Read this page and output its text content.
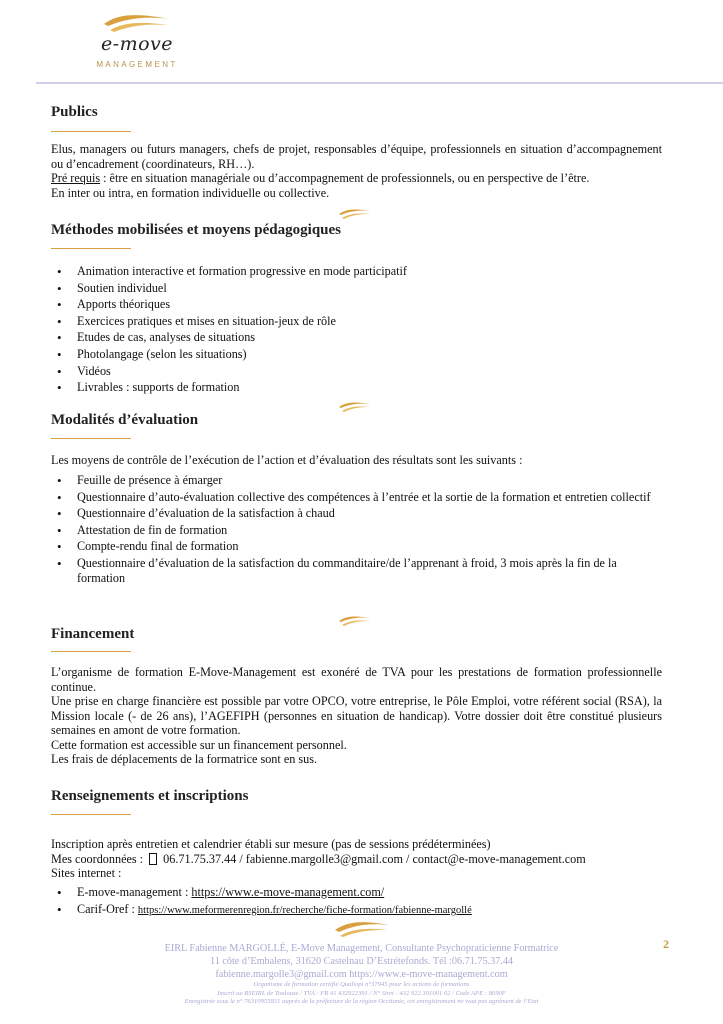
e-move
MANAGEMENT
Publics
Elus, managers ou futurs managers, chefs de projet, responsables d’équipe, professionnels en situation d’accompagnement ou d’encadrement (coordinateurs, RH…).
Pré requis : être en situation managériale ou d’accompagnement de professionnels, ou en perspective de l’être.
En inter ou intra, en formation individuelle ou collective.
Méthodes mobilisées et moyens pédagogiques
• Animation interactive et formation progressive en mode participatif
• Soutien individuel
• Apports théoriques
• Exercices pratiques et mises en situation-jeux de rôle
• Etudes de cas, analyses de situations
• Photolangage (selon les situations)
• Vidéos
• Livrables : supports de formation
Modalités d’évaluation
Les moyens de contrôle de l’exécution de l’action et d’évaluation des résultats sont les suivants :
• Feuille de présence à émarger
• Questionnaire d’auto-évaluation collective des compétences à l’entrée et la sortie de la formation et entretien collectif
• Questionnaire d’évaluation de la satisfaction à chaud
• Attestation de fin de formation
• Compte-rendu final de formation
• Questionnaire d’évaluation de la satisfaction du commanditaire/de l’apprenant à froid, 3 mois après la fin de la formation
Financement
L’organisme de formation E-Move-Management est exonéré de TVA pour les prestations de formation professionnelle continue.
Une prise en charge financière est possible par votre OPCO, votre entreprise, le Pôle Emploi, votre référent social (RSA), la Mission locale (- de 26 ans), l’AGEFIPH (personnes en situation de handicap). Votre dossier doit être constitué plusieurs semaines en amont de votre formation.
Cette formation est accessible sur un financement personnel.
Les frais de déplacements de la formatrice sont en sus.
Renseignements et inscriptions
Inscription après entretien et calendrier établi sur mesure (pas de sessions prédéterminées)
Mes coordonnées :  06.71.75.37.44 / fabienne.margolle3@gmail.com / contact@e-move-management.com
Sites internet :
• E-move-management : https://www.e-move-management.com/
• Carif-Oref : https://www.meformerenregion.fr/recherche/fiche-formation/fabienne-margollé
2
EIRL Fabienne MARGOLLÉ, E-Move Management, Consultante Psychopraticienne Formatrice
11 côte d’Embalens, 31620 Castelnau D’Estrétefonds. Tél :06.71.75.37.44
fabienne.margolle3@gmail.com https://www.e-move-management.com
Organisme de formation certifié Qualiopi n°37945 pour les actions de formations
Inscrit au RSEIRL de Toulouse / TVA : FR 41 432922391 / N° Siret : 432 922 391001 02 / Code APE : 8690F
Enregistrée sous le n° 76310955831 auprès de la préfecture de la région Occitanie, cet enregistrement ne vaut pas agrément de l’Etat
